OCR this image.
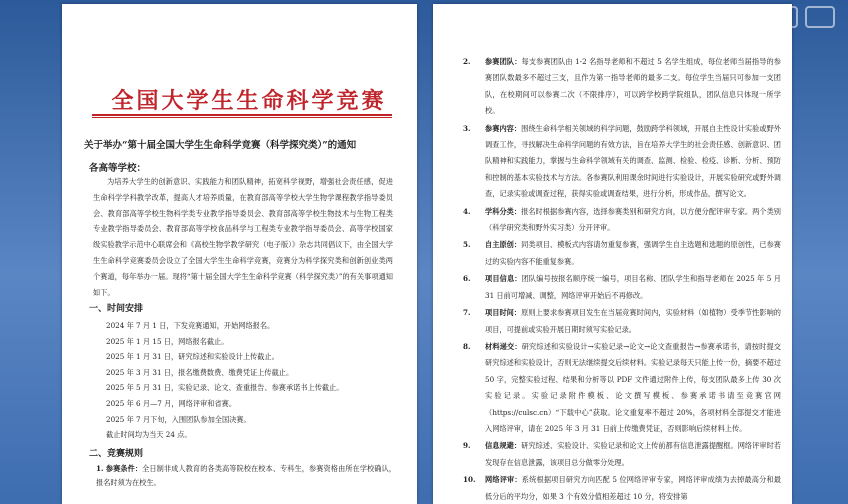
全国大学生生命科学竞赛
关于举办“第十届全国大学生生命科学竞赛（科学探究类）”的通知
各高等学校：
为培养大学生的创新意识、实践能力和团队精神，拓宽科学视野，增强社会责任感，促进生命科学学科教学改革，提高人才培养质量，在教育部高等学校大学生物学课程教学指导委员会、教育部高等学校生物科学类专业教学指导委员会、教育部高等学校生物技术与生物工程类专业教学指导委员会、教育部高等学校食品科学与工程类专业教学指导委员会、高等学校国家级实验教学示范中心联席会和《高校生物学教学研究（电子版）》杂志共同倡议下，由全国大学生生命科学竞赛委员会设立了全国大学生生命科学竞赛，竞赛分为科学探究类和创新创业类两个赛道，每年举办一届。现将“第十届全国大学生生命科学竞赛（科学探究类）”的有关事项通知如下。
一、时间安排
2024 年 7 月 1 日，下发竞赛通知，开始网络报名。
2025 年 1 月 15 日，网络报名截止。
2025 年 1 月 31 日，研究综述和实验设计上传截止。
2025 年 3 月 31 日，报名缴费数费、缴费凭证上传截止。
2025 年 5 月 31 日，实验记录、论文、查重报告、参赛承诺书上传截止。
2025 年 6 月—7 月，网络评审和省赛。
2025 年 7 月下旬，入围团队参加全国决赛。
截止时间均为当天 24 点。
二、竞赛规则
1. 参赛条件：全日制非成人教育的各类高等院校在校本、专科生，参赛资格由所在学校确认，报名时须为在校生。
2. 参赛团队：每支参赛团队由 1-2 名指导老师和不超过 5 名学生组成，每位老师当届指导的参赛团队数最多不超过三支，且作为第一指导老师的最多二支。每位学生当届只可参加一支团队，在校期间可以参赛二次（不限排序），可以跨学校跨学院组队，团队信息只体现一所学校。
3. 参赛内容：围绕生命科学相关领域的科学问题，鼓励跨学科领域，开展自主性设计实验或野外调查工作，寻找解决生命科学问题的有效方法，旨在培养大学生的社会责任感、创新意识、团队精神和实践能力，掌握与生命科学领域有关的调查、监测、检验、检疫、诊断、分析、预防和控制的基本实验技术与方法。各参赛队利用课余时间进行实验设计，开展实验研究或野外调查，记录实验或调查过程，获得实验或调查结果，进行分析，形成作品，撰写论文。
4. 学科分类：报名时根据参赛内容，选择参赛类别和研究方向，以方便分配评审专家。两个类别（科学研究类和野外实习类）分开评审。
5. 自主原创：同类项目、模板式内容请勿重复参赛，强调学生自主选题和选题的原创性，已参赛过的实验内容不能重复参赛。
6. 项目信息：团队编号按报名顺序统一编号，项目名称、团队学生和指导老师在 2025 年 5 月 31 日前可增减、调整，网络评审开始后不再修改。
7. 项目时间：原则上要求参赛项目发生在当届竞赛时间内，实验材料（如植物）受季节性影响的项目，可提前或实验开展日期时须写实验记录。
8. 材料递交：研究综述和实验设计→实验记录→论文→论文查重报告→参赛承诺书，请按时提交研究综述和实验设计，否则无法继续提交后续材料。实验记录每天只能上传一份，摘要不超过 50 字，完整实验过程、结果和分析等以 PDF 文件通过附件上传，每支团队最多上传 30 次实验记录。实验记录附件模板、论文撰写模板、参赛承诺书请至竞赛官网（https://culsc.cn）“下载中心”获取。论文重复率不超过 20%，各项材料全部提交才能进入网络评审，请在 2025 年 3 月 31 日前上传缴费凭证，否则影响后续材料上传。
9. 信息规避：研究综述、实验设计、实验记录和论文上传前都有信息泄露提醒框。网络评审时若发现存在信息泄露，该项目总分做零分处理。
10. 网络评审：系统根据项目研究方向匹配 5 位网络评审专家，网络评审成绩为去掉最高分和最低分后的平均分，如果 3 个有效分值相差超过 10 分，将安排第
